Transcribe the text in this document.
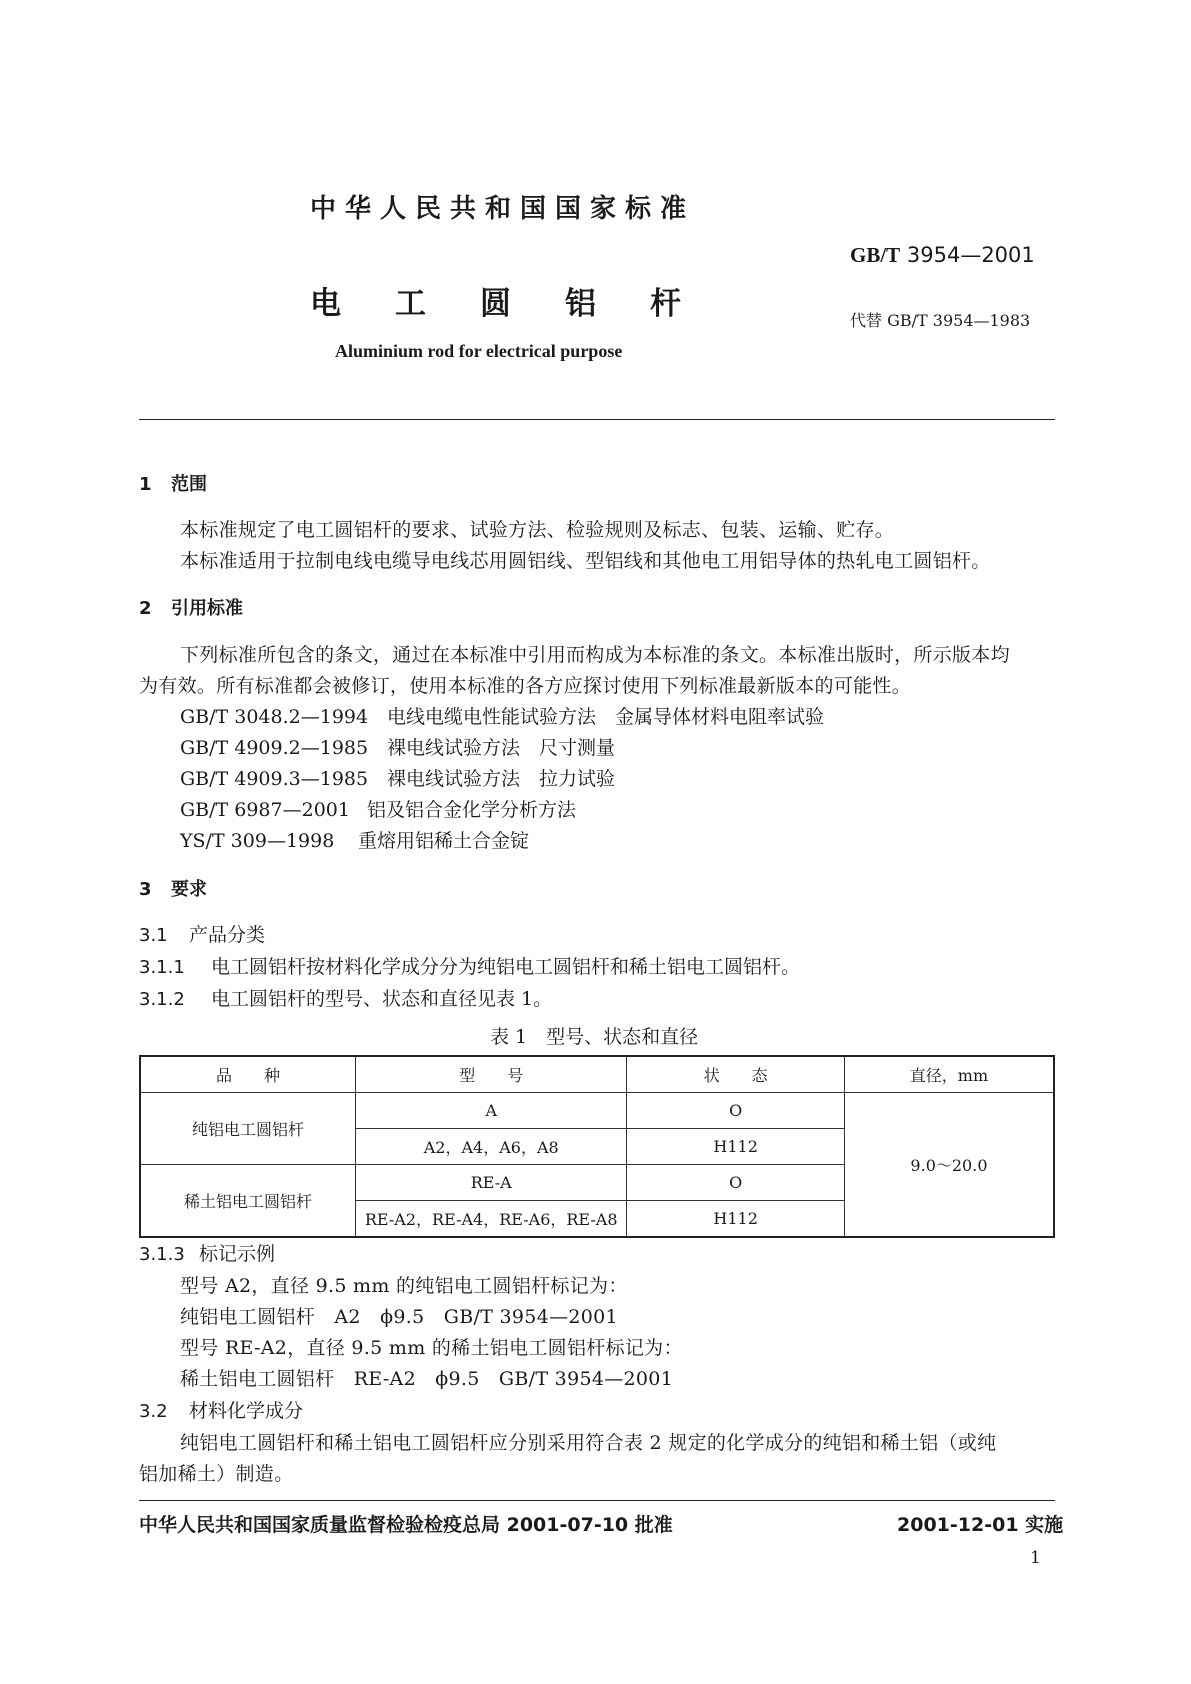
中华人民共和国国家标准
GB/T 3954—2001
电工圆铝杆	代替 GB/T 3954—1983
Aluminium rod for electrical purpose
1 范围
本标准规定了电工圆铝杆的要求、试验方法、检验规则及标志、包装、运输、贮存。
本标准适用于拉制电线电缆导电线芯用圆铝线、型铝线和其他电工用铝导体的热轧电工圆铝杆。
2 引用标准
下列标准所包含的条文，通过在本标准中引用而构成为本标准的条文。本标准出版时，所示版本均
为有效。所有标准都会被修订，使用本标准的各方应探讨使用下列标准最新版本的可能性。
GB/T 3048.2—1994 电线电缆电性能试验方法　金属导体材料电阻率试验
GB/T 4909.2—1985 裸电线试验方法　尺寸测量
GB/T 4909.3—1985 裸电线试验方法　拉力试验
GB/T 6987—2001 铝及铝合金化学分析方法
YS/T 309—1998 重熔用铝稀土合金锭
3 要求
3.1 产品分类
3.1.1 电工圆铝杆按材料化学成分分为纯铝电工圆铝杆和稀土铝电工圆铝杆。
3.1.2 电工圆铝杆的型号、状态和直径见表 1。
表 1　型号、状态和直径
品　　种	型　　号	状　　态	直径，mm
纯铝电工圆铝杆	A	O	9.0～20.0
	A2，A4，A6，A8	H112	
稀土铝电工圆铝杆	RE-A	O	
	RE-A2，RE-A4，RE-A6，RE-A8	H112	
3.1.3 标记示例
型号 A2，直径 9.5 mm 的纯铝电工圆铝杆标记为：
纯铝电工圆铝杆　A2　ϕ9.5　GB/T 3954—2001
型号 RE-A2，直径 9.5 mm 的稀土铝电工圆铝杆标记为：
稀土铝电工圆铝杆　RE-A2　ϕ9.5　GB/T 3954—2001
3.2 材料化学成分
纯铝电工圆铝杆和稀土铝电工圆铝杆应分别采用符合表 2 规定的化学成分的纯铝和稀土铝（或纯
铝加稀土）制造。
中华人民共和国国家质量监督检验检疫总局 2001-07-10 批准	2001-12-01 实施
1
